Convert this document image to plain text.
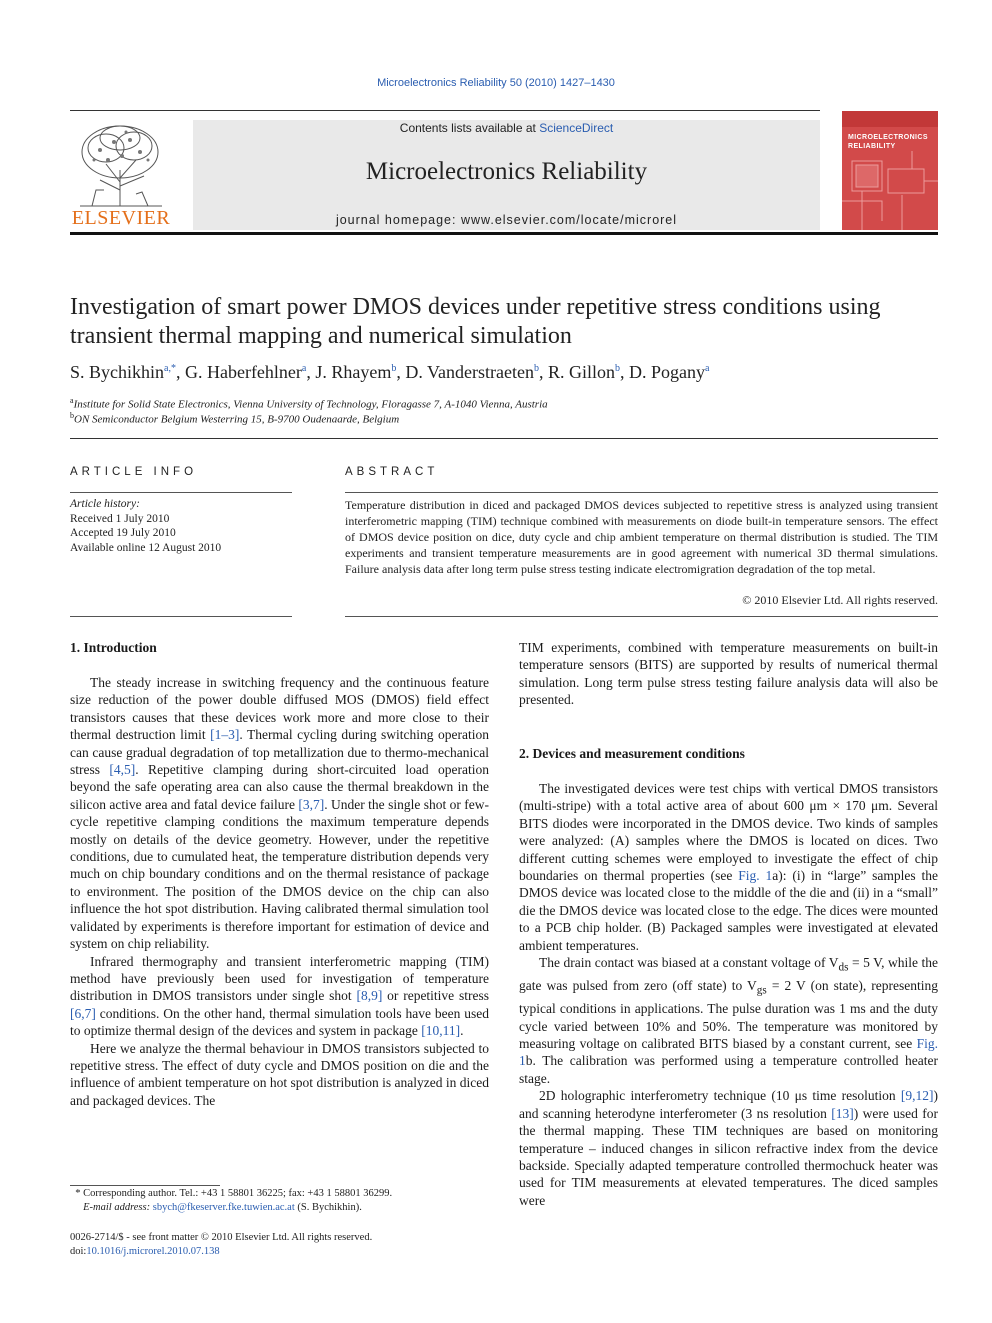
Microelectronics Reliability 50 (2010) 1427–1430
ELSEVIER
Contents lists available at ScienceDirect
Microelectronics Reliability
journal homepage: www.elsevier.com/locate/microrel
MICROELECTRONICS
RELIABILITY
Investigation of smart power DMOS devices under repetitive stress conditions using transient thermal mapping and numerical simulation
S. Bychikhin$^{a,*}$, G. Haberfehlner$^a$, J. Rhayem$^b$, D. Vanderstraeten$^b$, R. Gillon$^b$, D. Pogany$^a$
$^a$Institute for Solid State Electronics, Vienna University of Technology, Floragasse 7, A-1040 Vienna, Austria
$^b$ON Semiconductor Belgium Westerring 15, B-9700 Oudenaarde, Belgium
ARTICLE INFO
Article history:
Received 1 July 2010
Accepted 19 July 2010
Available online 12 August 2010
ABSTRACT
Temperature distribution in diced and packaged DMOS devices subjected to repetitive stress is analyzed using transient interferometric mapping (TIM) technique combined with measurements on diode built-in temperature sensors. The effect of DMOS device position on dice, duty cycle and chip ambient temperature on thermal distribution is studied. The TIM experiments and transient temperature measurements are in good agreement with numerical 3D thermal simulations. Failure analysis data after long term pulse stress testing indicate electromigration degradation of the top metal.
© 2010 Elsevier Ltd. All rights reserved.
1. Introduction

The steady increase in switching frequency and the continuous feature size reduction of the power double diffused MOS (DMOS) field effect transistors causes that these devices work more and more close to their thermal destruction limit [1–3]. Thermal cycling during switching operation can cause gradual degradation of top metallization due to thermo-mechanical stress [4,5]. Repetitive clamping during short-circuited load operation beyond the safe operating area can also cause the thermal breakdown in the silicon active area and fatal device failure [3,7]. Under the single shot or few-cycle repetitive clamping conditions the maximum temperature depends mostly on details of the device geometry. However, under the repetitive conditions, due to cumulated heat, the temperature distribution depends very much on chip boundary conditions and on the thermal resistance of package to environment. The position of the DMOS device on the chip can also influence the hot spot distribution. Having calibrated thermal simulation tool validated by experiments is therefore important for estimation of device and system on chip reliability.

Infrared thermography and transient interferometric mapping (TIM) method have previously been used for investigation of temperature distribution in DMOS transistors under single shot [8,9] or repetitive stress [6,7] conditions. On the other hand, thermal simulation tools have been used to optimize thermal design of the devices and system in package [10,11].

Here we analyze the thermal behaviour in DMOS transistors subjected to repetitive stress. The effect of duty cycle and DMOS position on die and the influence of ambient temperature on hot spot distribution is analyzed in diced and packaged devices. The

TIM experiments, combined with temperature measurements on built-in temperature sensors (BITS) are supported by results of numerical thermal simulation. Long term pulse stress testing failure analysis data will also be presented.

2. Devices and measurement conditions

The investigated devices were test chips with vertical DMOS transistors (multi-stripe) with a total active area of about 600 μm × 170 μm. Several BITS diodes were incorporated in the DMOS device. Two kinds of samples were analyzed: (A) samples where the DMOS is located on dices. Two different cutting schemes were employed to investigate the effect of chip boundaries on thermal properties (see Fig. 1a): (i) in “large” samples the DMOS device was located close to the middle of the die and (ii) in a “small” die the DMOS device was located close to the edge. The dices were mounted to a PCB chip holder. (B) Packaged samples were investigated at elevated ambient temperatures.

The drain contact was biased at a constant voltage of $V_{ds} = 5$ V, while the gate was pulsed from zero (off state) to $V_{gs} = 2$ V (on state), representing typical conditions in applications. The pulse duration was 1 ms and the duty cycle varied between 10% and 50%. The temperature was monitored by measuring voltage on calibrated BITS biased by a constant current, see Fig. 1b. The calibration was performed using a temperature controlled heater stage.

2D holographic interferometry technique (10 μs time resolution [9,12]) and scanning heterodyne interferometer (3 ns resolution [13]) were used for the thermal mapping. These TIM techniques are based on monitoring temperature – induced changes in silicon refractive index from the device backside. Specially adapted temperature controlled thermochuck heater was used for TIM measurements at elevated temperatures. The diced samples were

* Corresponding author. Tel.: +43 1 58801 36225; fax: +43 1 58801 36299.
E-mail address: sbych@fkeserver.fke.tuwien.ac.at (S. Bychikhin).
0026-2714/$ - see front matter © 2010 Elsevier Ltd. All rights reserved.
doi:10.1016/j.microrel.2010.07.138
